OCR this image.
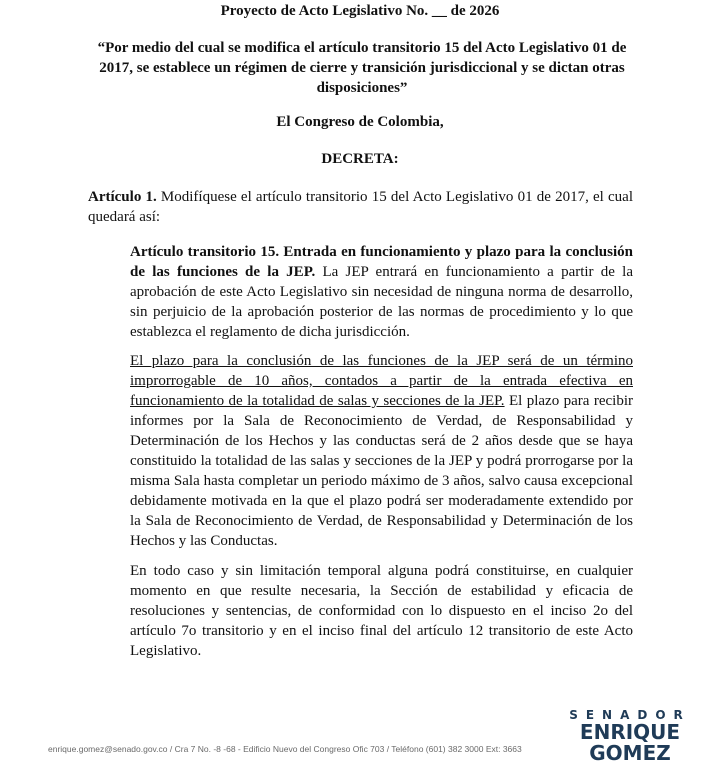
Proyecto de Acto Legislativo No. __ de 2026
“Por medio del cual se modifica el artículo transitorio 15 del Acto Legislativo 01 de 2017, se establece un régimen de cierre y transición jurisdiccional y se dictan otras disposiciones”
El Congreso de Colombia,
DECRETA:
Artículo 1. Modifíquese el artículo transitorio 15 del Acto Legislativo 01 de 2017, el cual quedará así:
Artículo transitorio 15. Entrada en funcionamiento y plazo para la conclusión de las funciones de la JEP. La JEP entrará en funcionamiento a partir de la aprobación de este Acto Legislativo sin necesidad de ninguna norma de desarrollo, sin perjuicio de la aprobación posterior de las normas de procedimiento y lo que establezca el reglamento de dicha jurisdicción.
El plazo para la conclusión de las funciones de la JEP será de un término improrrogable de 10 años, contados a partir de la entrada efectiva en funcionamiento de la totalidad de salas y secciones de la JEP. El plazo para recibir informes por la Sala de Reconocimiento de Verdad, de Responsabilidad y Determinación de los Hechos y las conductas será de 2 años desde que se haya constituido la totalidad de las salas y secciones de la JEP y podrá prorrogarse por la misma Sala hasta completar un periodo máximo de 3 años, salvo causa excepcional debidamente motivada en la que el plazo podrá ser moderadamente extendido por la Sala de Reconocimiento de Verdad, de Responsabilidad y Determinación de los Hechos y las Conductas.
En todo caso y sin limitación temporal alguna podrá constituirse, en cualquier momento en que resulte necesaria, la Sección de estabilidad y eficacia de resoluciones y sentencias, de conformidad con lo dispuesto en el inciso 2o del artículo 7o transitorio y en el inciso final del artículo 12 transitorio de este Acto Legislativo.
enrique.gomez@senado.gov.co / Cra 7 No. -8 -68 - Edificio Nuevo del Congreso Ofic 703 / Teléfono (601) 382 3000 Ext: 3663
SENADOR
ENRIQUE
GOMEZ
